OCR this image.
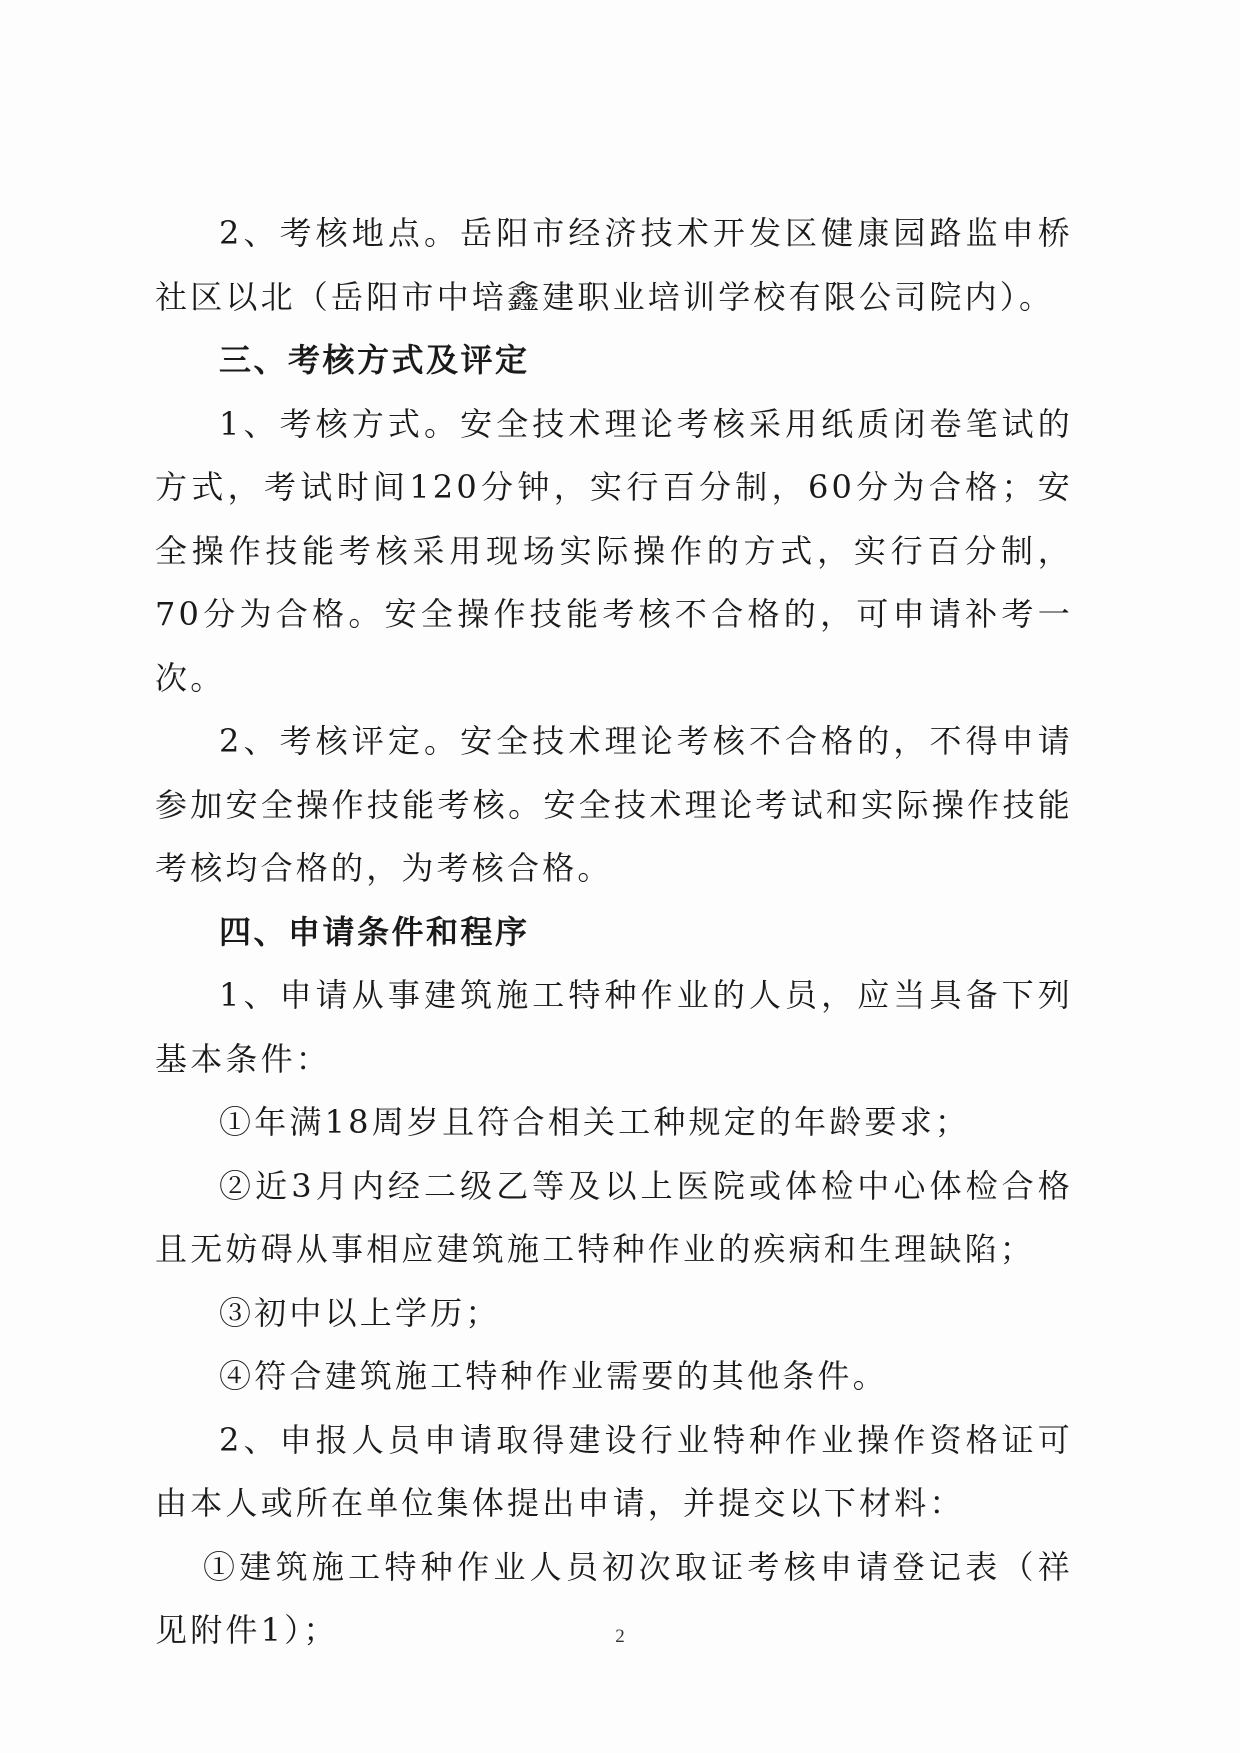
2、考核地点。岳阳市经济技术开发区健康园路监申桥社区以北（岳阳市中培鑫建职业培训学校有限公司院内）。

三、考核方式及评定

1、考核方式。安全技术理论考核采用纸质闭卷笔试的方式，考试时间120分钟，实行百分制，60分为合格；安全操作技能考核采用现场实际操作的方式，实行百分制，70分为合格。安全操作技能考核不合格的，可申请补考一次。

2、考核评定。安全技术理论考核不合格的，不得申请参加安全操作技能考核。安全技术理论考试和实际操作技能考核均合格的，为考核合格。

四、申请条件和程序

1、申请从事建筑施工特种作业的人员，应当具备下列基本条件：

①年满18周岁且符合相关工种规定的年龄要求；

②近3月内经二级乙等及以上医院或体检中心体检合格且无妨碍从事相应建筑施工特种作业的疾病和生理缺陷；

③初中以上学历；

④符合建筑施工特种作业需要的其他条件。

2、申报人员申请取得建设行业特种作业操作资格证可由本人或所在单位集体提出申请，并提交以下材料：

①建筑施工特种作业人员初次取证考核申请登记表（祥见附件1）；	2
